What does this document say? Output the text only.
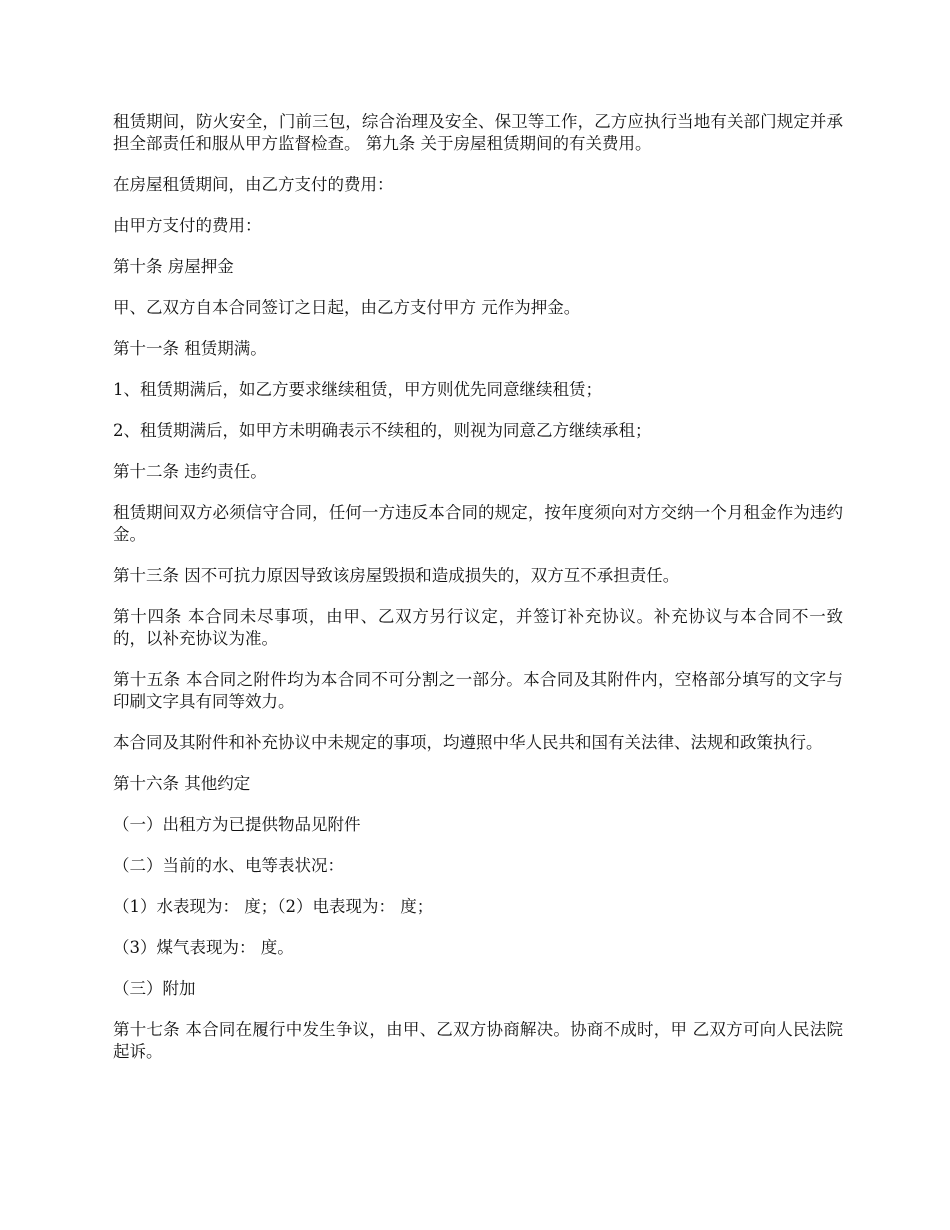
租赁期间，防火安全，门前三包，综合治理及安全、保卫等工作，乙方应执行当地有关部门规定并承担全部责任和服从甲方监督检查。 第九条 关于房屋租赁期间的有关费用。

在房屋租赁期间，由乙方支付的费用：

由甲方支付的费用：

第十条 房屋押金

甲、乙双方自本合同签订之日起，由乙方支付甲方 元作为押金。

第十一条 租赁期满。

1、租赁期满后，如乙方要求继续租赁，甲方则优先同意继续租赁；

2、租赁期满后，如甲方未明确表示不续租的，则视为同意乙方继续承租；

第十二条 违约责任。

租赁期间双方必须信守合同，任何一方违反本合同的规定，按年度须向对方交纳一个月租金作为违约金。

第十三条 因不可抗力原因导致该房屋毁损和造成损失的，双方互不承担责任。

第十四条 本合同未尽事项，由甲、乙双方另行议定，并签订补充协议。补充协议与本合同不一致的，以补充协议为准。

第十五条 本合同之附件均为本合同不可分割之一部分。本合同及其附件内，空格部分填写的文字与印刷文字具有同等效力。

本合同及其附件和补充协议中未规定的事项，均遵照中华人民共和国有关法律、法规和政策执行。

第十六条 其他约定

（一）出租方为已提供物品见附件

（二）当前的水、电等表状况：

（1）水表现为： 度；（2）电表现为： 度；

（3）煤气表现为： 度。

（三）附加

第十七条 本合同在履行中发生争议，由甲、乙双方协商解决。协商不成时，甲 乙双方可向人民法院起诉。
